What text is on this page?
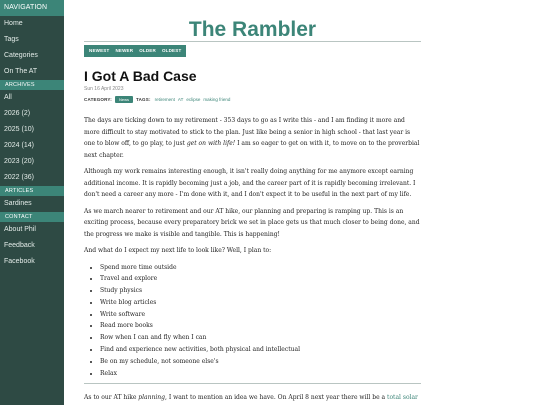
NAVIGATION
Home
Tags
Categories
On The AT
ARCHIVES
All
2026 (2)
2025 (10)
2024 (14)
2023 (20)
2022 (36)
ARTICLES
Sardines
CONTACT
About Phil
Feedback
Facebook
The Rambler
NEWEST	NEWER	OLDER	OLDEST
I Got A Bad Case
Sun 16 April 2023
CATEGORY:	News	TAGS: retirement AT eclipse making friend

The days are ticking down to my retirement - 353 days to go as I write this - and I am finding it more and more difficult to stay motivated to stick to the plan. Just like being a senior in high school - that last year is one to blow off, to go play, to just get on with life! I am so eager to get on with it, to move on to the proverbial next chapter.

Although my work remains interesting enough, it isn't really doing anything for me anymore except earning additional income. It is rapidly becoming just a job, and the career part of it is rapidly becoming irrelevant. I don't need a career any more - I'm done with it, and I don't expect it to be useful in the next part of my life.

As we march nearer to retirement and our AT hike, our planning and preparing is ramping up. This is an exciting process, because every preparatory brick we set in place gets us that much closer to being done, and the progress we make is visible and tangible. This is happening!

And what do I expect my next life to look like? Well, I plan to:

• Spend more time outside
• Travel and explore
• Study physics
• Write blog articles
• Write software
• Read more books
• Row when I can and fly when I can
• Find and experience new activities, both physical and intellectual
• Be on my schedule, not someone else's
• Relax

As to our AT hike planning, I want to mention an idea we have. On April 8 next year there will be a total solar
